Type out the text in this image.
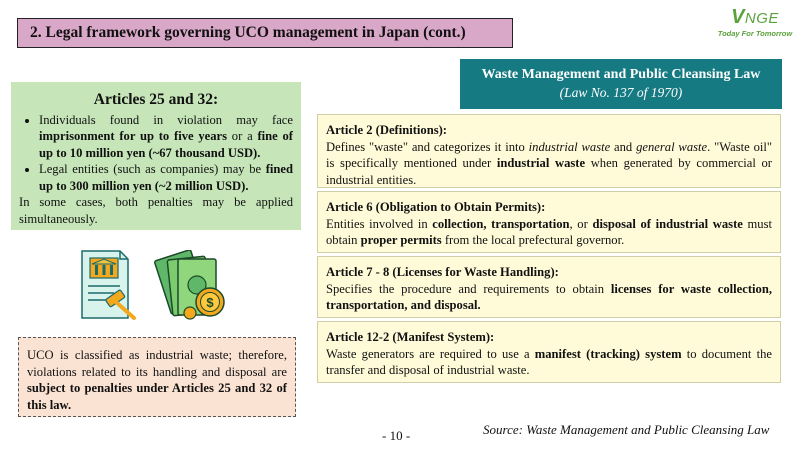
2. Legal framework governing UCO management in Japan (cont.)
VNGE
Today For Tomorrow
Articles 25 and 32:
• Individuals found in violation may face imprisonment for up to five years or a fine of up to 10 million yen (~67 thousand USD).
• Legal entities (such as companies) may be fined up to 300 million yen (~2 million USD).

In some cases, both penalties may be applied simultaneously.

$
UCO is classified as industrial waste; therefore, violations related to its handling and disposal are subject to penalties under Articles 25 and 32 of this law.
Waste Management and Public Cleansing Law
(Law No. 137 of 1970)
Article 2 (Definitions):
Defines "waste" and categorizes it into industrial waste and general waste. "Waste oil" is specifically mentioned under industrial waste when generated by commercial or industrial entities.
Article 6 (Obligation to Obtain Permits):
Entities involved in collection, transportation, or disposal of industrial waste must obtain proper permits from the local prefectural governor.
Article 7 - 8 (Licenses for Waste Handling):
Specifies the procedure and requirements to obtain licenses for waste collection, transportation, and disposal.
Article 12-2 (Manifest System):
Waste generators are required to use a manifest (tracking) system to document the transfer and disposal of industrial waste.
- 10 -	Source: Waste Management and Public Cleansing Law
